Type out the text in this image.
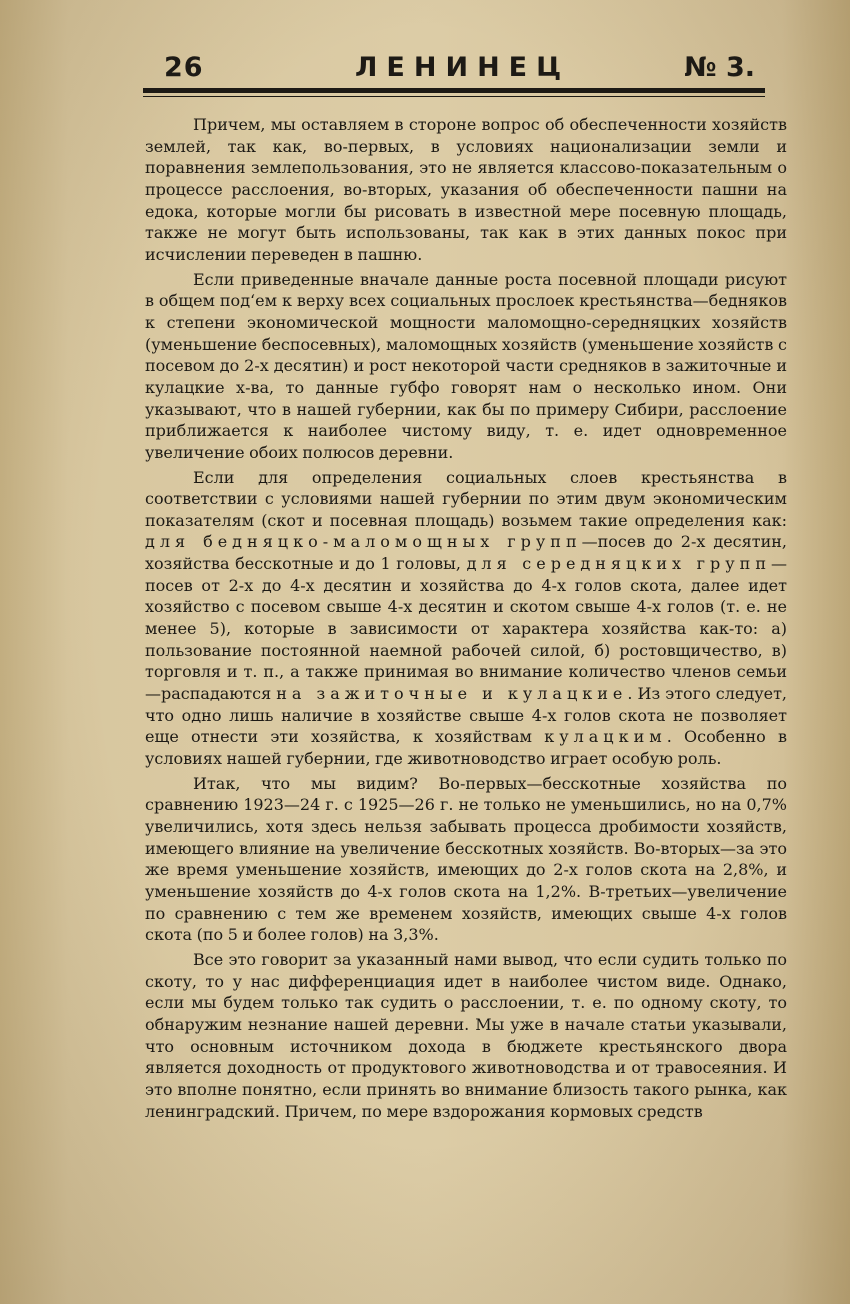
26	ЛЕНИНЕЦ	№ 3.

Причем, мы оставляем в стороне вопрос об обеспеченности хозяйств землей, так как, во-первых, в условиях национализации земли и поравнения землепользования, это не является классово-показательным о процессе расслоения, во-вторых, указания об обеспеченности пашни на едока, которые могли бы рисовать в известной мере посевную площадь, также не могут быть использованы, так как в этих данных покос при исчислении переведен в пашню.

Если приведенные вначале данные роста посевной площади рисуют в общем под‘ем к верху всех социальных прослоек крестьянства—бедняков к степени экономической мощности маломощно-середняцких хозяйств (уменьшение беспосевных), маломощных хозяйств (уменьшение хозяйств с посевом до 2-х десятин) и рост некоторой части средняков в зажиточные и кулацкие х-ва, то данные губфо говорят нам о несколько ином. Они указывают, что в нашей губернии, как бы по примеру Сибири, расслоение приближается к наиболее чистому виду, т. е. идет одновременное увеличение обоих полюсов деревни.

Если для определения социальных слоев крестьянства в соответствии с условиями нашей губернии по этим двум экономическим показателям (скот и посевная площадь) возьмем такие определения как: для бедняцко-маломощных групп—посев до 2-х десятин, хозяйства бесскотные и до 1 головы, для середняцких групп—посев от 2-х до 4-х десятин и хозяйства до 4-х голов скота, далее идет хозяйство с посевом свыше 4-х десятин и скотом свыше 4-х голов (т. е. не менее 5), которые в зависимости от характера хозяйства как-то: а) пользование постоянной наемной рабочей силой, б) ростовщичество, в) торговля и т. п., а также принимая во внимание количество членов семьи—распадаются на зажиточные и кулацкие. Из этого следует, что одно лишь наличие в хозяйстве свыше 4-х голов скота не позволяет еще отнести эти хозяйства, к хозяйствам кулацким. Особенно в условиях нашей губернии, где животноводство играет особую роль.

Итак, что мы видим? Во-первых—бесскотные хозяйства по сравнению 1923—24 г. с 1925—26 г. не только не уменьшились, но на 0,7% увеличились, хотя здесь нельзя забывать процесса дробимости хозяйств, имеющего влияние на увеличение бесскотных хозяйств. Во-вторых—за это же время уменьшение хозяйств, имеющих до 2-х голов скота на 2,8%, и уменьшение хозяйств до 4-х голов скота на 1,2%. В-третьих—увеличение по сравнению с тем же временем хозяйств, имеющих свыше 4-х голов скота (по 5 и более голов) на 3,3%.

Все это говорит за указанный нами вывод, что если судить только по скоту, то у нас дифференциация идет в наиболее чистом виде. Однако, если мы будем только так судить о расслоении, т. е. по одному скоту, то обнаружим незнание нашей деревни. Мы уже в начале статьи указывали, что основным источником дохода в бюджете крестьянского двора является доходность от продуктового животноводства и от травосеяния. И это вполне понятно, если принять во внимание близость такого рынка, как ленинградский. Причем, по мере вздорожания кормовых средств
